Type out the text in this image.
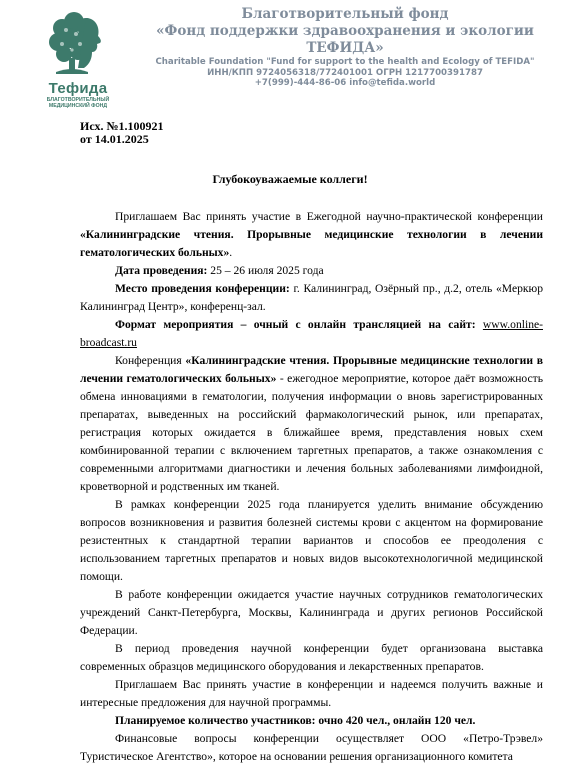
Тефида
БЛАГОТВОРИТЕЛЬНЫЙ
МЕДИЦИНСКИЙ ФОНД
Благотворительный фонд
«Фонд поддержки здравоохранения и экологии ТЕФИДА»
Charitable Foundation "Fund for support to the health and Ecology of TEFIDA"
ИНН/КПП 9724056318/772401001 ОГРН 1217700391787
+7(999)-444-86-06 info@tefida.world
Исх. №1.100921
от 14.01.2025
Глубокоуважаемые коллеги!

Приглашаем Вас принять участие в Ежегодной научно-практической конференции «Калининградские чтения. Прорывные медицинские технологии в лечении гематологических больных».

Дата проведения: 25 – 26 июля 2025 года

Место проведения конференции: г. Калининград, Озёрный пр., д.2, отель «Меркюр Калининград Центр», конференц-зал.

Формат мероприятия – очный с онлайн трансляцией на сайт: www.online-broadcast.ru

Конференция «Калининградские чтения. Прорывные медицинские технологии в лечении гематологических больных» - ежегодное мероприятие, которое даёт возможность обмена инновациями в гематологии, получения информации о вновь зарегистрированных препаратах, выведенных на российский фармакологический рынок, или препаратах, регистрация которых ожидается в ближайшее время, представления новых схем комбинированной терапии с включением таргетных препаратов, а также ознакомления с современными алгоритмами диагностики и лечения больных заболеваниями лимфоидной, кроветворной и родственных им тканей.

В рамках конференции 2025 года планируется уделить внимание обсуждению вопросов возникновения и развития болезней системы крови с акцентом на формирование резистентных к стандартной терапии вариантов и способов ее преодоления с использованием таргетных препаратов и новых видов высокотехнологичной медицинской помощи.

В работе конференции ожидается участие научных сотрудников гематологических учреждений Санкт-Петербурга, Москвы, Калининграда и других регионов Российской Федерации.

В период проведения научной конференции будет организована выставка современных образцов медицинского оборудования и лекарственных препаратов.

Приглашаем Вас принять участие в конференции и надеемся получить важные и интересные предложения для научной программы.

Планируемое количество участников: очно 420 чел., онлайн 120 чел.

Финансовые вопросы конференции осуществляет ООО «Петро-Трэвел» Туристическое Агентство», которое на основании решения организационного комитета
